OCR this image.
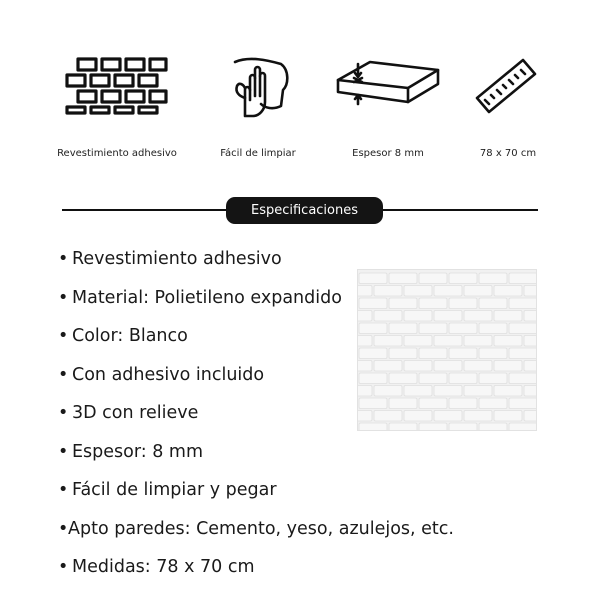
Revestimiento adhesivo	Fácil de limpiar	Espesor 8 mm	78 x 70 cm
Especificaciones
• Revestimiento adhesivo
• Material: Polietileno expandido
• Color: Blanco
• Con adhesivo incluido
• 3D con relieve
• Espesor: 8 mm
• Fácil de limpiar y pegar
•Apto paredes: Cemento, yeso, azulejos, etc.
• Medidas: 78 x 70 cm
